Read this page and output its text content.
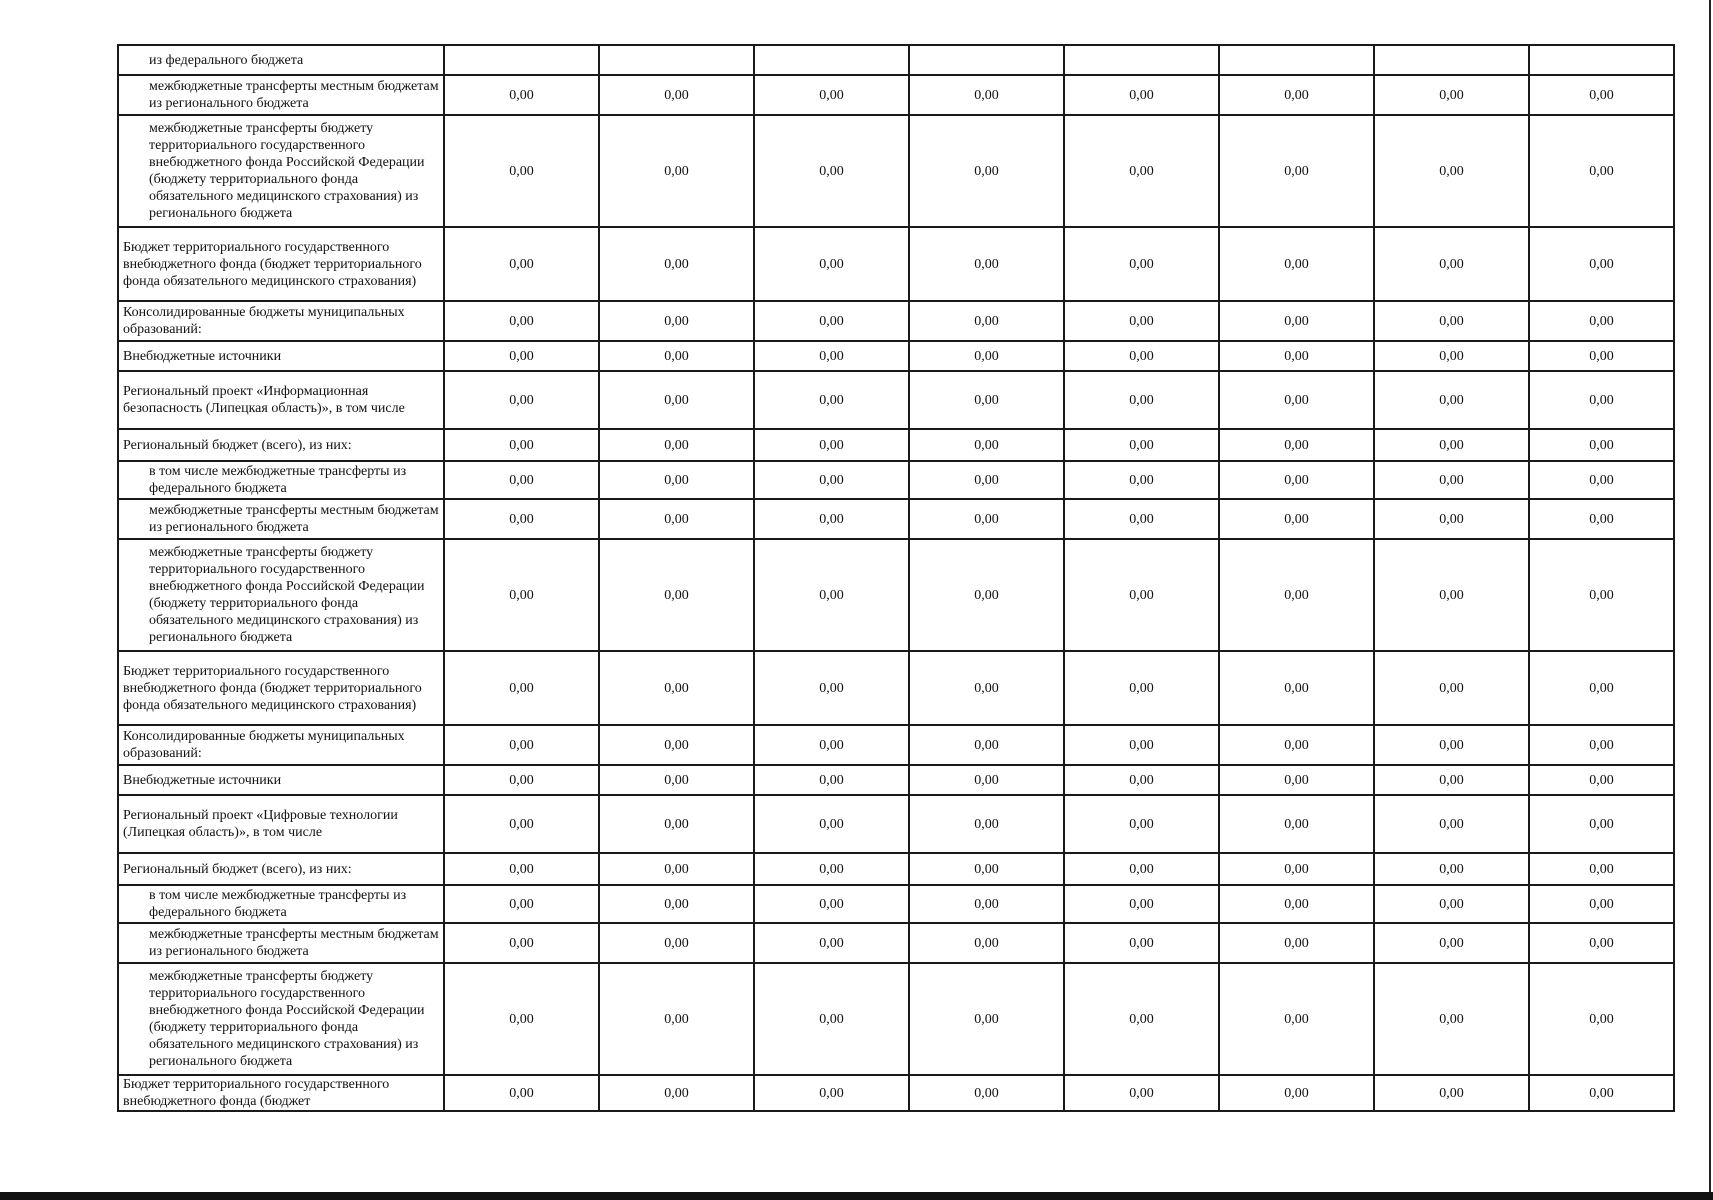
из федерального бюджета								
межбюджетные трансферты местным бюджетам из регионального бюджета	0,00	0,00	0,00	0,00	0,00	0,00	0,00	0,00
межбюджетные трансферты бюджету территориального государственного внебюджетного фонда Российской Федерации (бюджету территориального фонда обязательного медицинского страхования) из регионального бюджета	0,00	0,00	0,00	0,00	0,00	0,00	0,00	0,00
Бюджет территориального государственного внебюджетного фонда (бюджет территориального фонда обязательного медицинского страхования)	0,00	0,00	0,00	0,00	0,00	0,00	0,00	0,00
Консолидированные бюджеты муниципальных образований:	0,00	0,00	0,00	0,00	0,00	0,00	0,00	0,00
Внебюджетные источники	0,00	0,00	0,00	0,00	0,00	0,00	0,00	0,00
Региональный проект «Информационная безопасность (Липецкая область)», в том числе	0,00	0,00	0,00	0,00	0,00	0,00	0,00	0,00
Региональный бюджет (всего), из них:	0,00	0,00	0,00	0,00	0,00	0,00	0,00	0,00
в том числе межбюджетные трансферты из федерального бюджета	0,00	0,00	0,00	0,00	0,00	0,00	0,00	0,00
межбюджетные трансферты местным бюджетам из регионального бюджета	0,00	0,00	0,00	0,00	0,00	0,00	0,00	0,00
межбюджетные трансферты бюджету территориального государственного внебюджетного фонда Российской Федерации (бюджету территориального фонда обязательного медицинского страхования) из регионального бюджета	0,00	0,00	0,00	0,00	0,00	0,00	0,00	0,00
Бюджет территориального государственного внебюджетного фонда (бюджет территориального фонда обязательного медицинского страхования)	0,00	0,00	0,00	0,00	0,00	0,00	0,00	0,00
Консолидированные бюджеты муниципальных образований:	0,00	0,00	0,00	0,00	0,00	0,00	0,00	0,00
Внебюджетные источники	0,00	0,00	0,00	0,00	0,00	0,00	0,00	0,00
Региональный проект «Цифровые технологии (Липецкая область)», в том числе	0,00	0,00	0,00	0,00	0,00	0,00	0,00	0,00
Региональный бюджет (всего), из них:	0,00	0,00	0,00	0,00	0,00	0,00	0,00	0,00
в том числе межбюджетные трансферты из федерального бюджета	0,00	0,00	0,00	0,00	0,00	0,00	0,00	0,00
межбюджетные трансферты местным бюджетам из регионального бюджета	0,00	0,00	0,00	0,00	0,00	0,00	0,00	0,00
межбюджетные трансферты бюджету территориального государственного внебюджетного фонда Российской Федерации (бюджету территориального фонда обязательного медицинского страхования) из регионального бюджета	0,00	0,00	0,00	0,00	0,00	0,00	0,00	0,00
Бюджет территориального государственного внебюджетного фонда (бюджет	0,00	0,00	0,00	0,00	0,00	0,00	0,00	0,00
